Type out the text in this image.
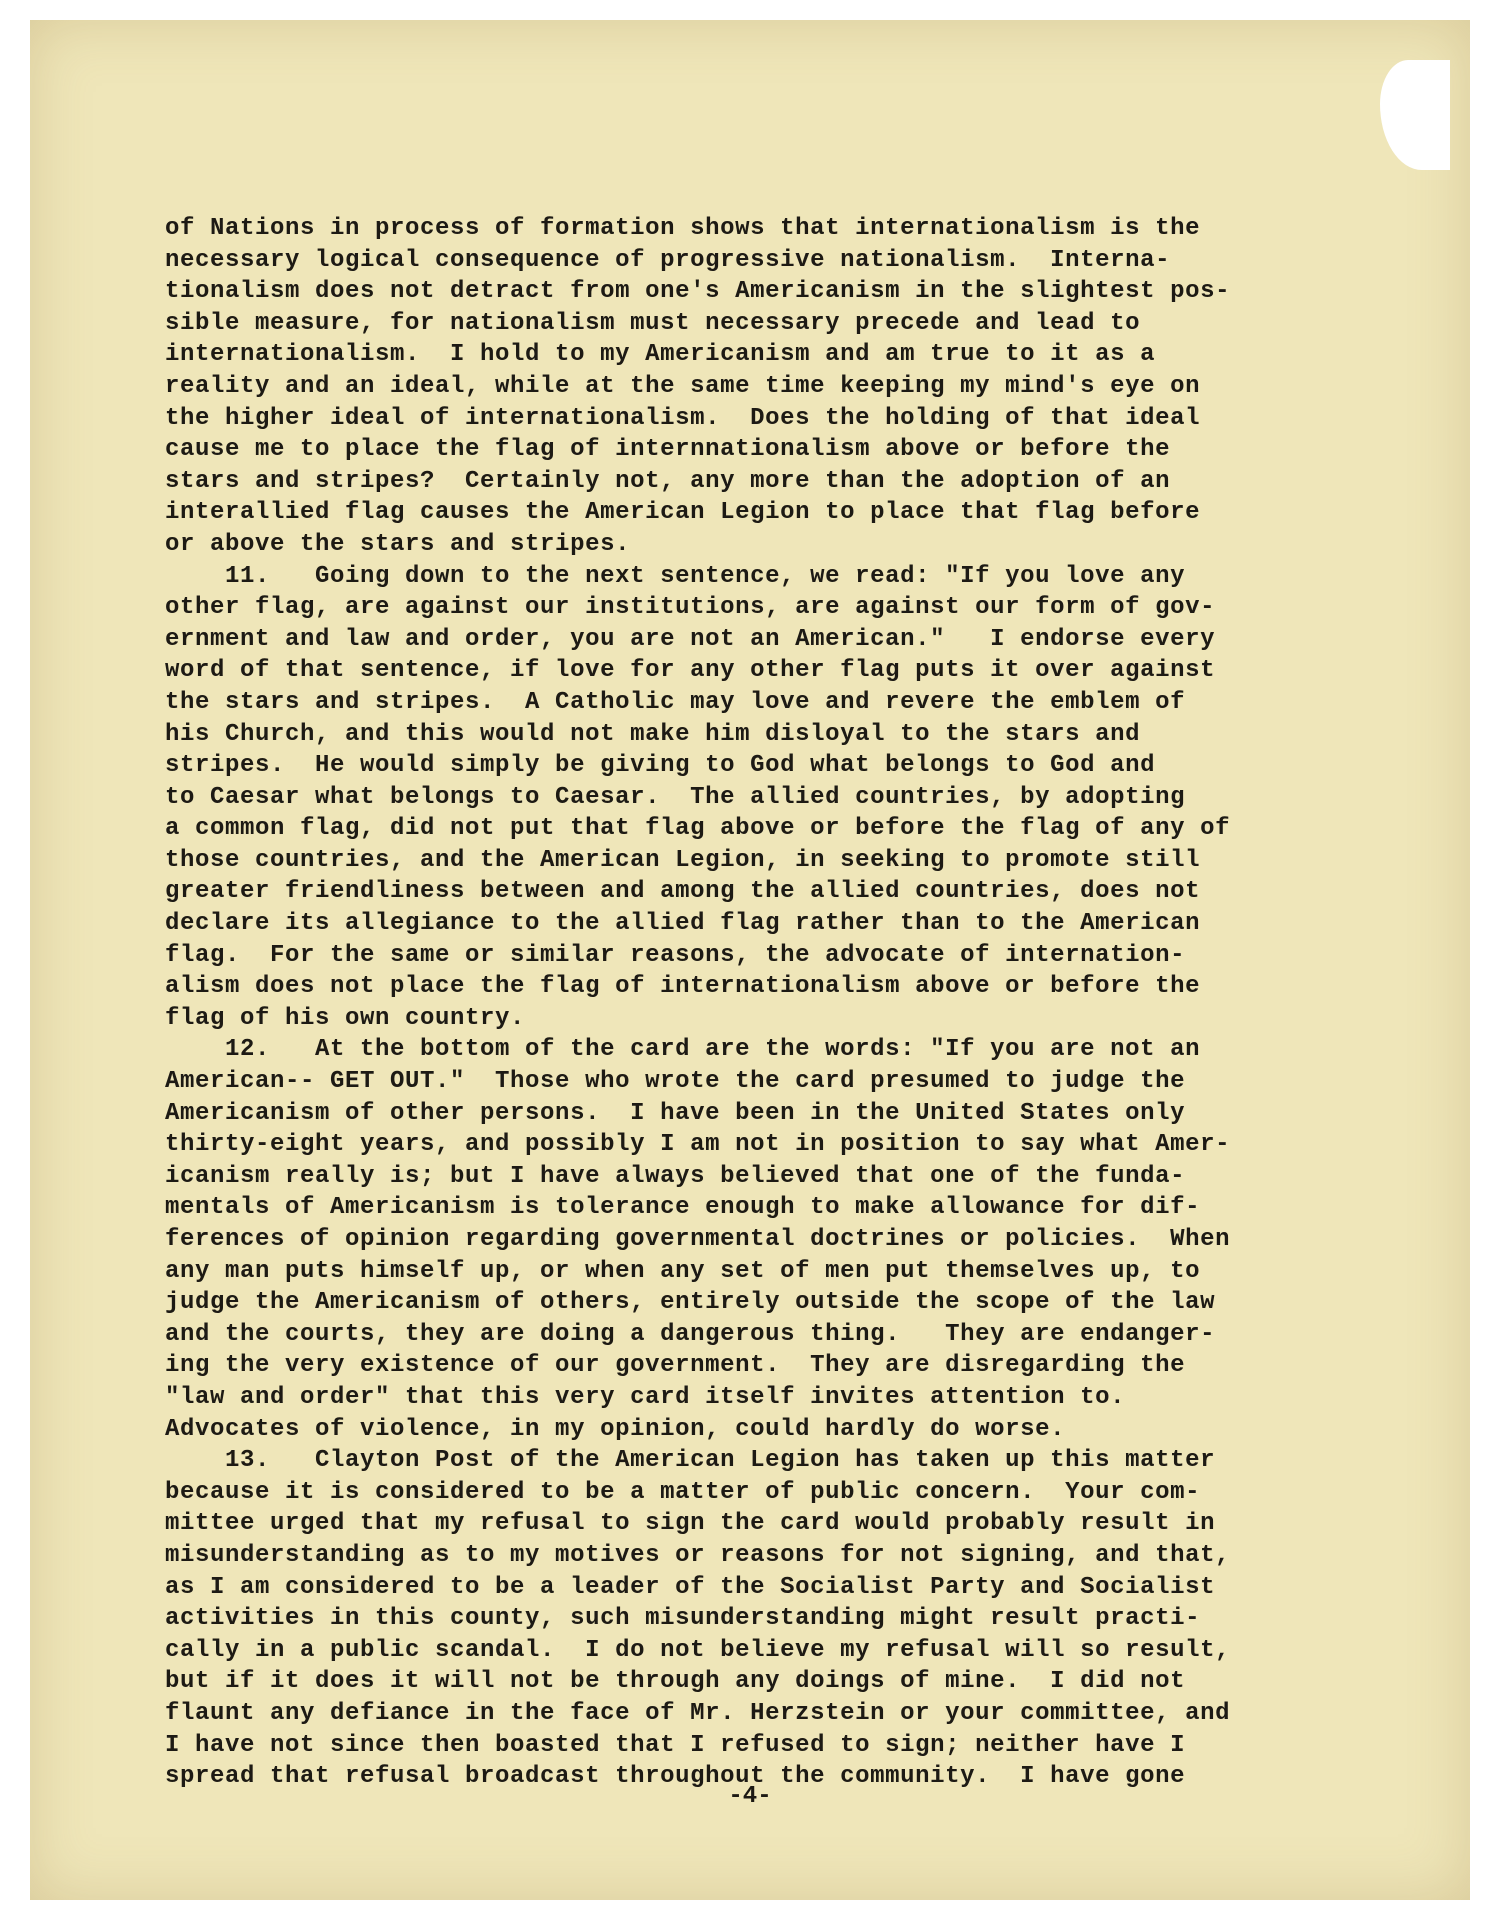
of Nations in process of formation shows that internationalism is the
necessary logical consequence of progressive nationalism.  Interna-
tionalism does not detract from one's Americanism in the slightest pos-
sible measure, for nationalism must necessary precede and lead to
internationalism.  I hold to my Americanism and am true to it as a
reality and an ideal, while at the same time keeping my mind's eye on
the higher ideal of internationalism.  Does the holding of that ideal
cause me to place the flag of internnationalism above or before the
stars and stripes?  Certainly not, any more than the adoption of an
interallied flag causes the American Legion to place that flag before
or above the stars and stripes.
11.   Going down to the next sentence, we read: "If you love any
other flag, are against our institutions, are against our form of gov-
ernment and law and order, you are not an American."   I endorse every
word of that sentence, if love for any other flag puts it over against
the stars and stripes.  A Catholic may love and revere the emblem of
his Church, and this would not make him disloyal to the stars and
stripes.  He would simply be giving to God what belongs to God and
to Caesar what belongs to Caesar.  The allied countries, by adopting
a common flag, did not put that flag above or before the flag of any of
those countries, and the American Legion, in seeking to promote still
greater friendliness between and among the allied countries, does not
declare its allegiance to the allied flag rather than to the American
flag.  For the same or similar reasons, the advocate of internation-
alism does not place the flag of internationalism above or before the
flag of his own country.
12.   At the bottom of the card are the words: "If you are not an
American-- GET OUT."  Those who wrote the card presumed to judge the
Americanism of other persons.  I have been in the United States only
thirty-eight years, and possibly I am not in position to say what Amer-
icanism really is; but I have always believed that one of the funda-
mentals of Americanism is tolerance enough to make allowance for dif-
ferences of opinion regarding governmental doctrines or policies.  When
any man puts himself up, or when any set of men put themselves up, to
judge the Americanism of others, entirely outside the scope of the law
and the courts, they are doing a dangerous thing.   They are endanger-
ing the very existence of our government.  They are disregarding the
"law and order" that this very card itself invites attention to.
Advocates of violence, in my opinion, could hardly do worse.
13.   Clayton Post of the American Legion has taken up this matter
because it is considered to be a matter of public concern.  Your com-
mittee urged that my refusal to sign the card would probably result in
misunderstanding as to my motives or reasons for not signing, and that,
as I am considered to be a leader of the Socialist Party and Socialist
activities in this county, such misunderstanding might result practi-
cally in a public scandal.  I do not believe my refusal will so result,
but if it does it will not be through any doings of mine.  I did not
flaunt any defiance in the face of Mr. Herzstein or your committee, and
I have not since then boasted that I refused to sign; neither have I
spread that refusal broadcast throughout the community.  I have gone
-4-
